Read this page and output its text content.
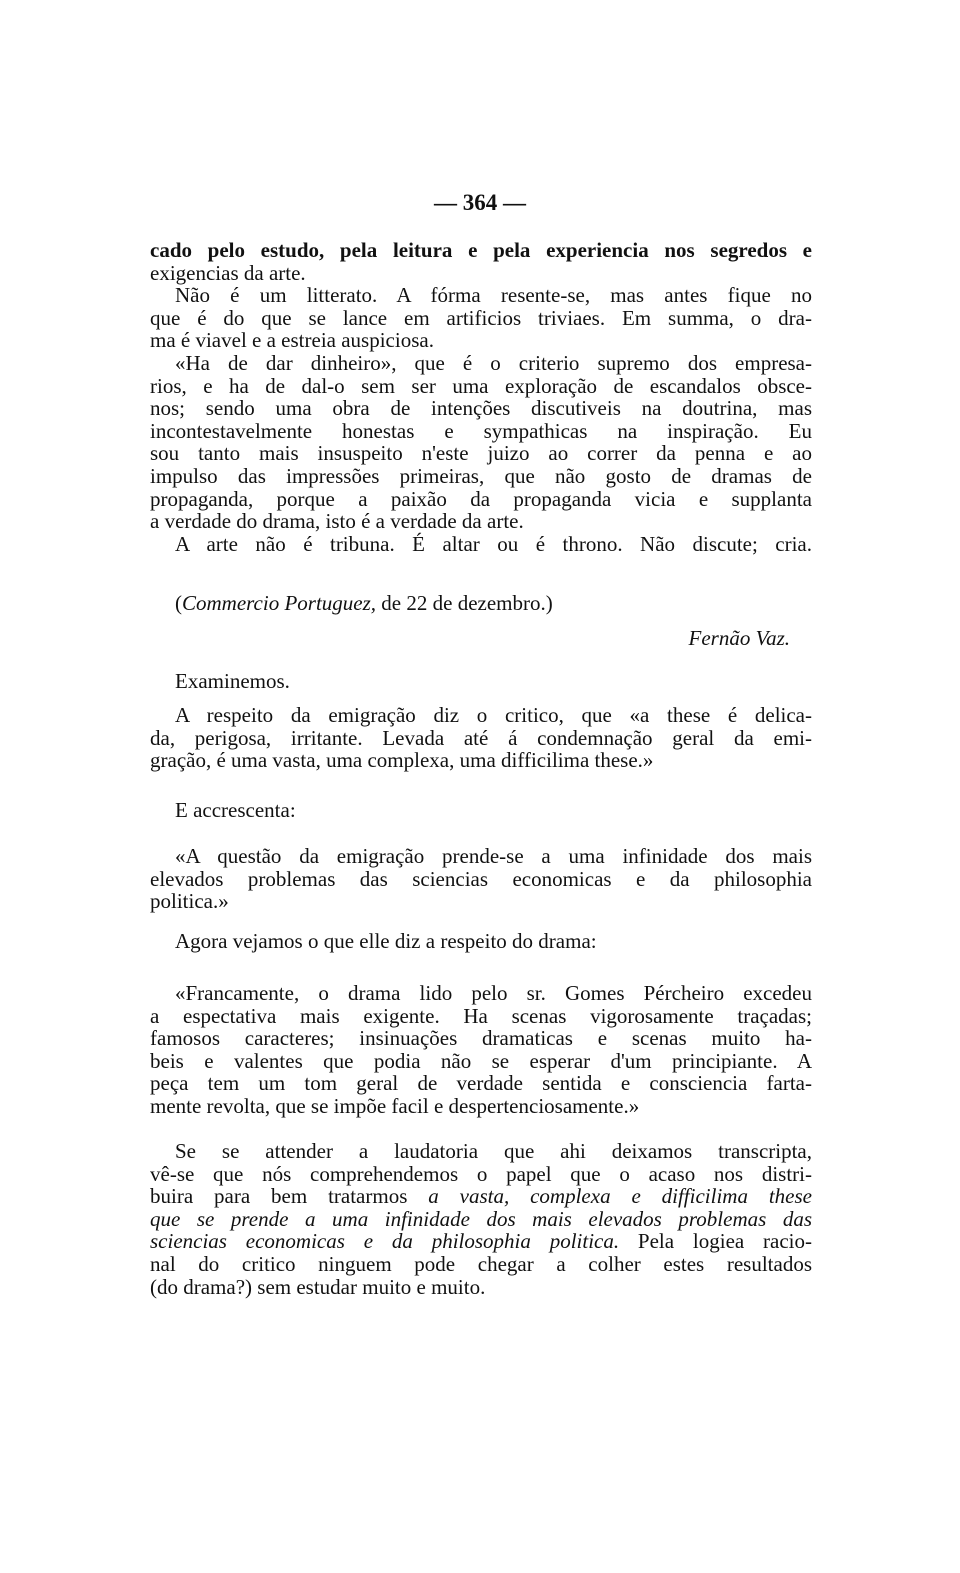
— 364 —
cado pelo estudo, pela leitura e pela experiencia nos segredos e
exigencias da arte.
Não é um litterato. A fórma resente-se, mas antes fique no
que é do que se lance em artificios triviaes. Em summa, o dra-
ma é viavel e a estreia auspiciosa.
«Ha de dar dinheiro», que é o criterio supremo dos empresa-
rios, e ha de dal-o sem ser uma exploração de escandalos obsce-
nos; sendo uma obra de intenções discutiveis na doutrina, mas
incontestavelmente honestas e sympathicas na inspiração. Eu
sou tanto mais insuspeito n'este juizo ao correr da penna e ao
impulso das impressões primeiras, que não gosto de dramas de
propaganda, porque a paixão da propaganda vicia e supplanta
a verdade do drama, isto é a verdade da arte.
A arte não é tribuna. É altar ou é throno. Não discute; cria.
(Commercio Portuguez, de 22 de dezembro.)
Fernão Vaz.
Examinemos.
A respeito da emigração diz o critico, que «a these é delica-
da, perigosa, irritante. Levada até á condemnação geral da emi-
gração, é uma vasta, uma complexa, uma difficilima these.»
E accrescenta:
«A questão da emigração prende-se a uma infinidade dos mais
elevados problemas das sciencias economicas e da philosophia
politica.»
Agora vejamos o que elle diz a respeito do drama:
«Francamente, o drama lido pelo sr. Gomes Pércheiro excedeu
a espectativa mais exigente. Ha scenas vigorosamente traçadas;
famosos caracteres; insinuações dramaticas e scenas muito ha-
beis e valentes que podia não se esperar d'um principiante. A
peça tem um tom geral de verdade sentida e consciencia farta-
mente revolta, que se impõe facil e despertenciosamente.»
Se se attender a laudatoria que ahi deixamos transcripta,
vê-se que nós comprehendemos o papel que o acaso nos distri-
buira para bem tratarmos a vasta, complexa e difficilima these
que se prende a uma infinidade dos mais elevados problemas das
sciencias economicas e da philosophia politica. Pela logiea racio-
nal do critico ninguem pode chegar a colher estes resultados
(do drama?) sem estudar muito e muito.
